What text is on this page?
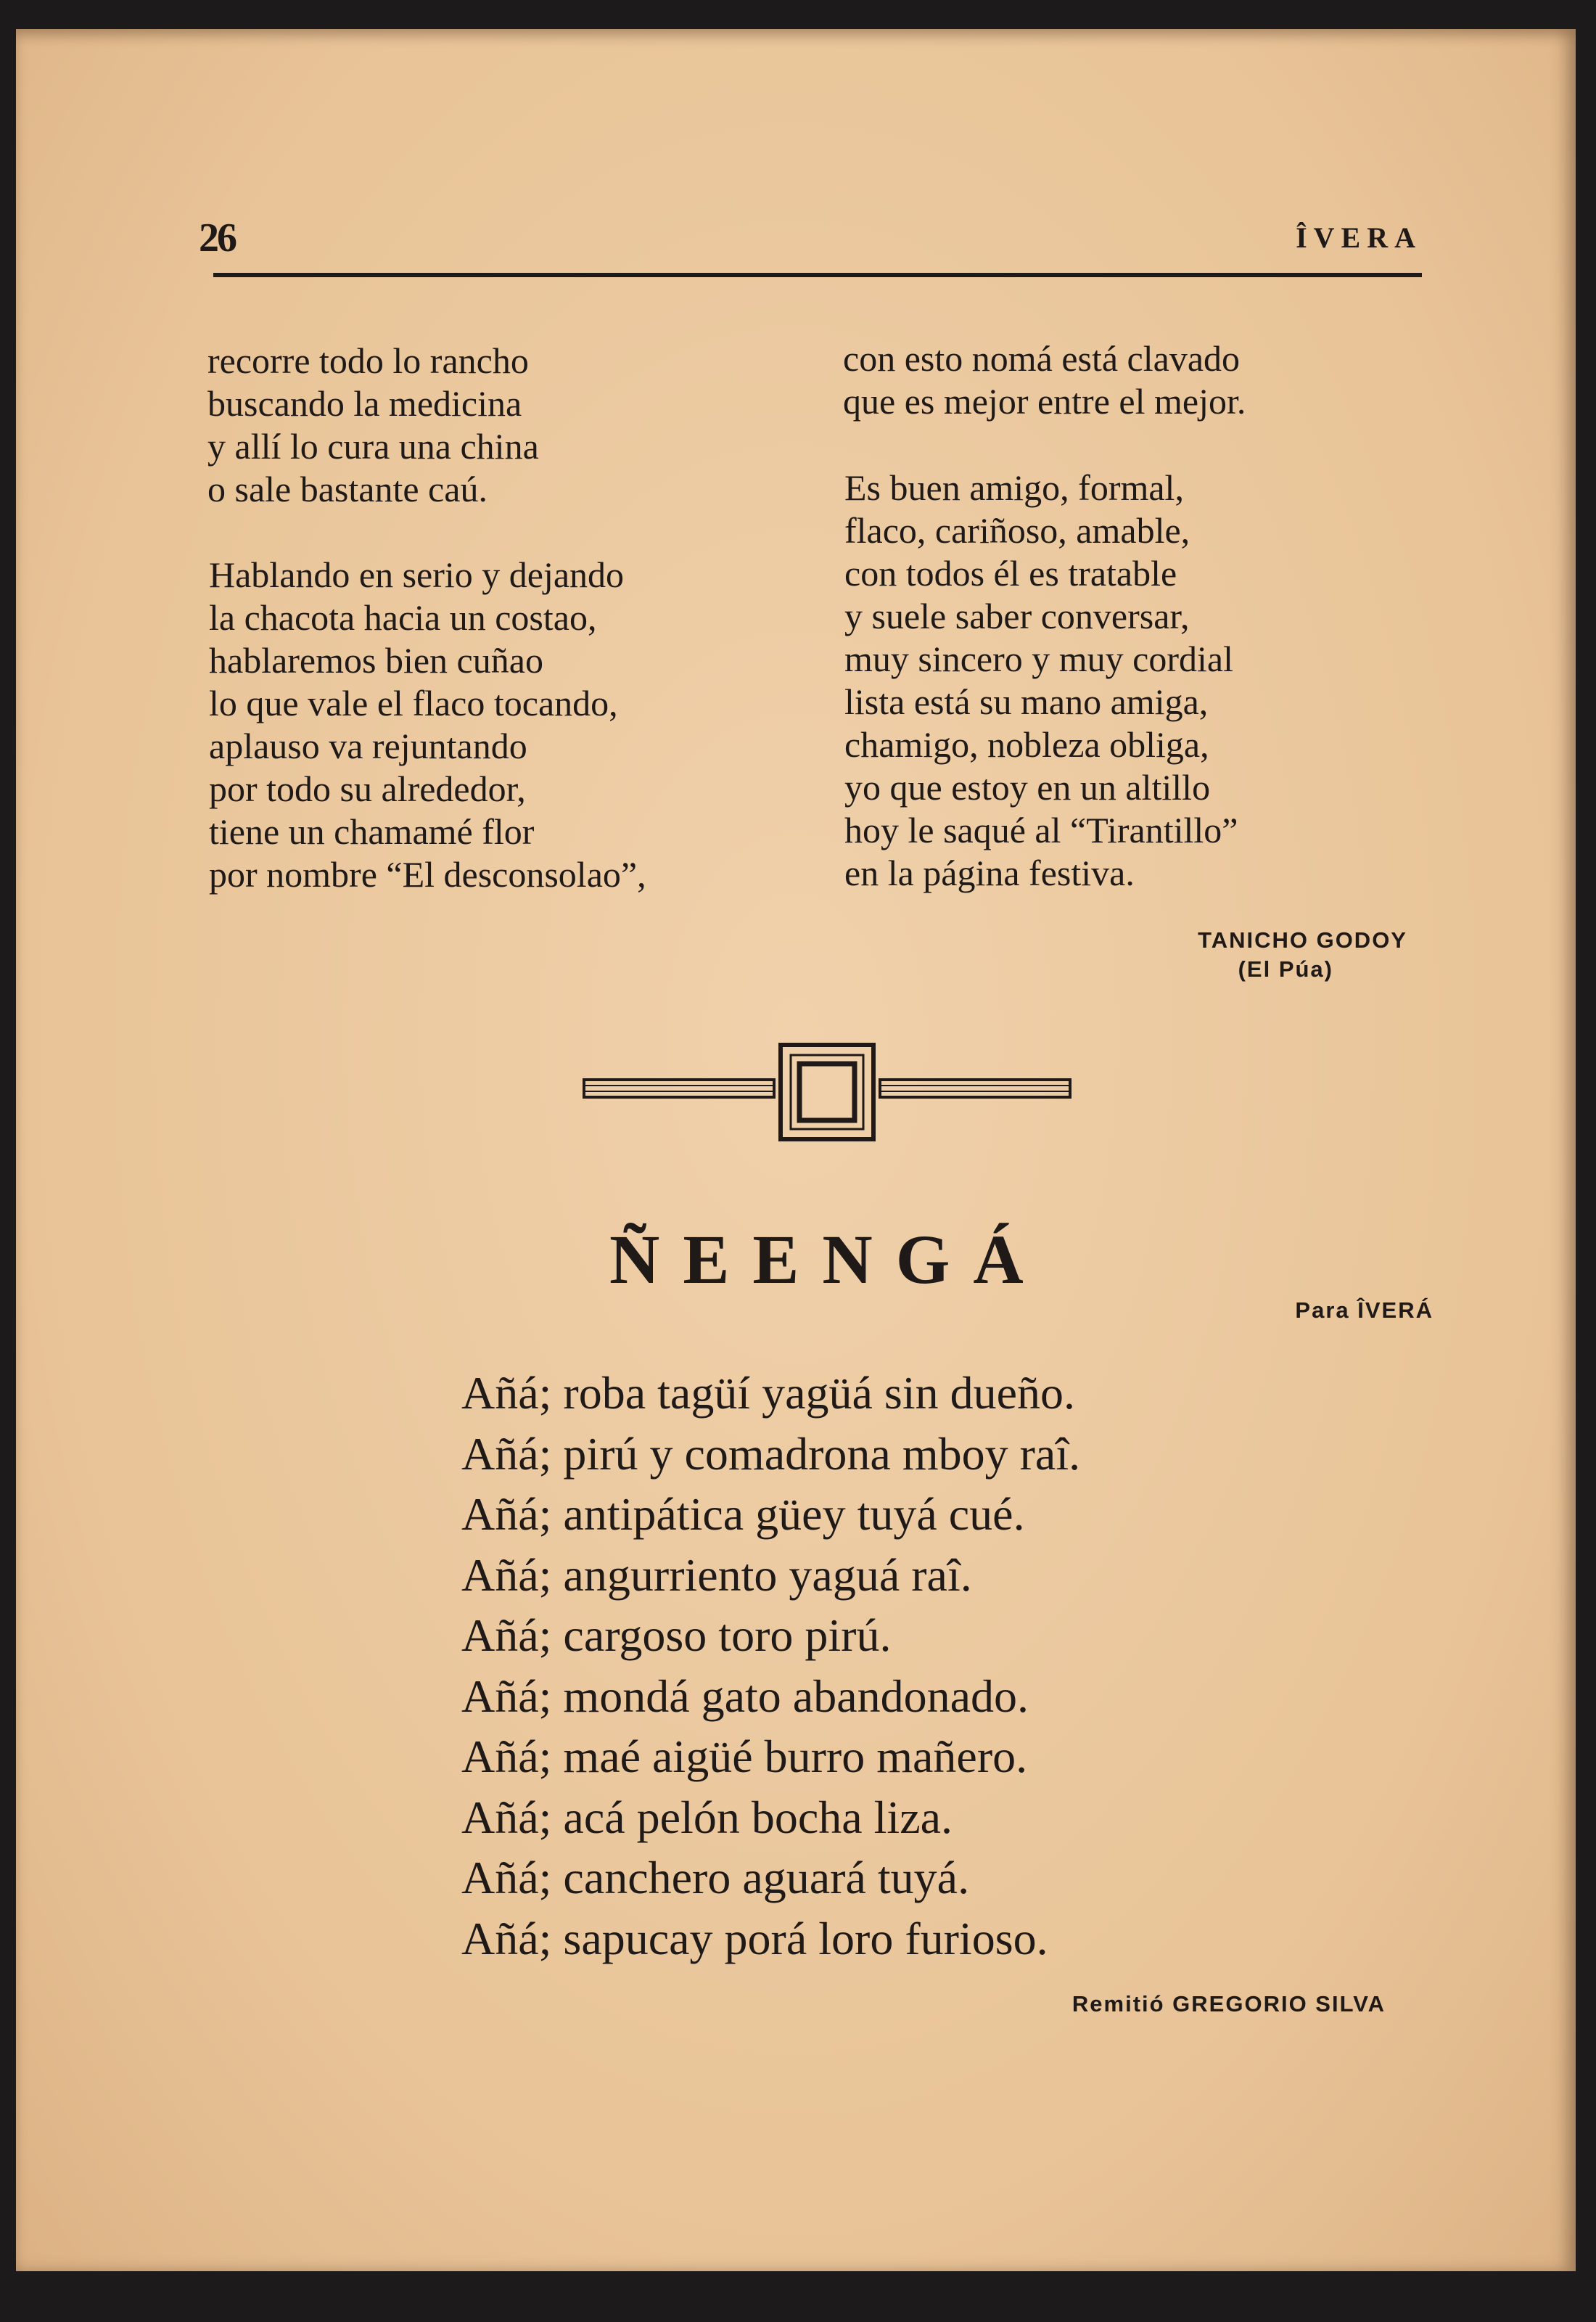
26	ÎVERA
recorre todo lo rancho
buscando la medicina
y allí lo cura una china
o sale bastante caú.
Hablando en serio y dejando
la chacota hacia un costao,
hablaremos bien cuñao
lo que vale el flaco tocando,
aplauso va rejuntando
por todo su alrededor,
tiene un chamamé flor
por nombre “El desconsolao”,
con esto nomá está clavado
que es mejor entre el mejor.
Es buen amigo, formal,
flaco, cariñoso, amable,
con todos él es tratable
y suele saber conversar,
muy sincero y muy cordial
lista está su mano amiga,
chamigo, nobleza obliga,
yo que estoy en un altillo
hoy le saqué al “Tirantillo”
en la página festiva.
TANICHO GODOY
(El Púa)
ÑEENGÁ
Para ÎVERÁ
Añá; roba tagüí yagüá sin dueño.
Añá; pirú y comadrona mboy raî.
Añá; antipática güey tuyá cué.
Añá; angurriento yaguá raî.
Añá; cargoso toro pirú.
Añá; mondá gato abandonado.
Añá; maé aigüé burro mañero.
Añá; acá pelón bocha liza.
Añá; canchero aguará tuyá.
Añá; sapucay porá loro furioso.
Remitió GREGORIO SILVA
